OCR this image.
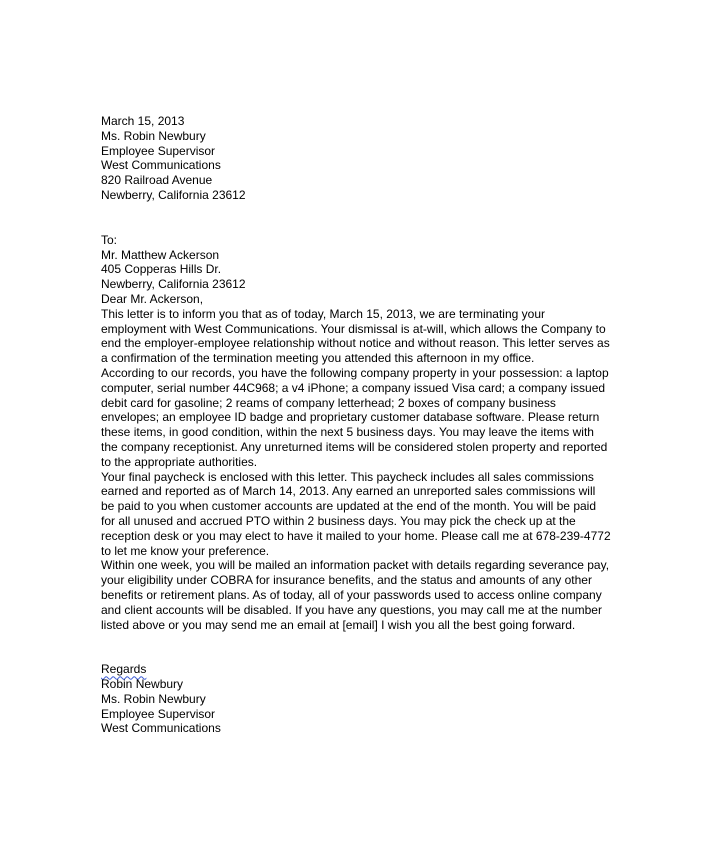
March 15, 2013
Ms. Robin Newbury
Employee Supervisor
West Communications
820 Railroad Avenue
Newberry, California 23612
To:
Mr. Matthew Ackerson
405 Copperas Hills Dr.
Newberry, California 23612
Dear Mr. Ackerson,
This letter is to inform you that as of today, March 15, 2013, we are terminating your
employment with West Communications. Your dismissal is at-will, which allows the Company to
end the employer-employee relationship without notice and without reason. This letter serves as
a confirmation of the termination meeting you attended this afternoon in my office.
According to our records, you have the following company property in your possession: a laptop
computer, serial number 44C968; a v4 iPhone; a company issued Visa card; a company issued
debit card for gasoline; 2 reams of company letterhead; 2 boxes of company business
envelopes; an employee ID badge and proprietary customer database software. Please return
these items, in good condition, within the next 5 business days. You may leave the items with
the company receptionist. Any unreturned items will be considered stolen property and reported
to the appropriate authorities.
Your final paycheck is enclosed with this letter. This paycheck includes all sales commissions
earned and reported as of March 14, 2013. Any earned an unreported sales commissions will
be paid to you when customer accounts are updated at the end of the month. You will be paid
for all unused and accrued PTO within 2 business days. You may pick the check up at the
reception desk or you may elect to have it mailed to your home. Please call me at 678-239-4772
to let me know your preference.
Within one week, you will be mailed an information packet with details regarding severance pay,
your eligibility under COBRA for insurance benefits, and the status and amounts of any other
benefits or retirement plans. As of today, all of your passwords used to access online company
and client accounts will be disabled. If you have any questions, you may call me at the number
listed above or you may send me an email at [email] I wish you all the best going forward.
Regards
Robin Newbury
Ms. Robin Newbury
Employee Supervisor
West Communications
